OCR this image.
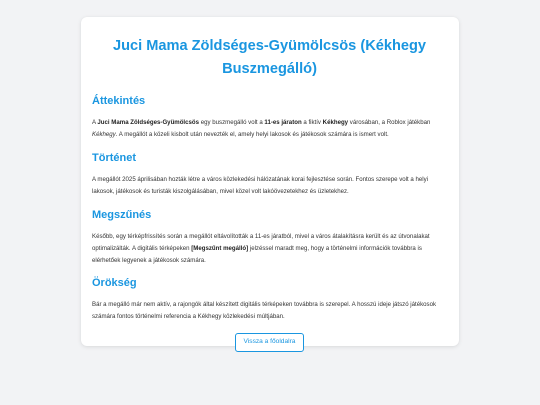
Juci Mama Zöldséges-Gyümölcsös (Kékhegy Buszmegálló)
Áttekintés

A Juci Mama Zöldséges-Gyümölcsös egy buszmegálló volt a 11-es járaton a fiktív Kékhegy városában, a Roblox játékban Kékhegy. A megállót a közeli kisbolt után nevezték el, amely helyi lakosok és játékosok számára is ismert volt.

Történet

A megállót 2025 áprilisában hozták létre a város közlekedési hálózatának korai fejlesztése során. Fontos szerepe volt a helyi lakosok, játékosok és turisták kiszolgálásában, mivel közel volt lakóövezetekhez és üzletekhez.

Megszűnés

Később, egy térképfrissítés során a megállót eltávolították a 11-es járatból, mivel a város átalakításra került és az útvonalakat optimalizálták. A digitális térképeken [Megszűnt megálló] jelzéssel maradt meg, hogy a történelmi információk továbbra is elérhetőek legyenek a játékosok számára.

Örökség

Bár a megálló már nem aktív, a rajongók által készített digitális térképeken továbbra is szerepel. A hosszú ideje játszó játékosok számára fontos történelmi referencia a Kékhegy közlekedési múltjában.

Vissza a főoldalra
